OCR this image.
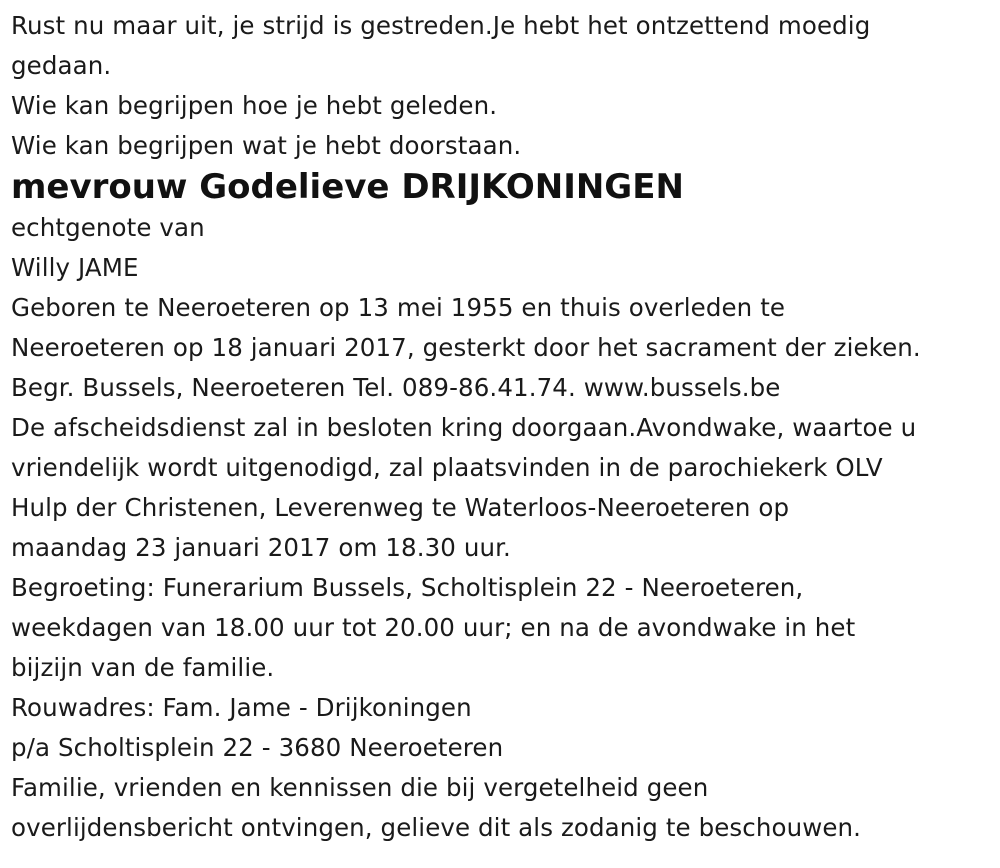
Rust nu maar uit, je strijd is gestreden.Je hebt het ontzettend moedig
gedaan.
Wie kan begrijpen hoe je hebt geleden.
Wie kan begrijpen wat je hebt doorstaan.
mevrouw Godelieve DRIJKONINGEN
echtgenote van
Willy JAME
Geboren te Neeroeteren op 13 mei 1955 en thuis overleden te
Neeroeteren op 18 januari 2017, gesterkt door het sacrament der zieken.
Begr. Bussels, Neeroeteren Tel. 089-86.41.74. www.bussels.be
De afscheidsdienst zal in besloten kring doorgaan.Avondwake, waartoe u
vriendelijk wordt uitgenodigd, zal plaatsvinden in de parochiekerk OLV
Hulp der Christenen, Leverenweg te Waterloos-Neeroeteren op
maandag 23 januari 2017 om 18.30 uur.
Begroeting: Funerarium Bussels, Scholtisplein 22 - Neeroeteren,
weekdagen van 18.00 uur tot 20.00 uur; en na de avondwake in het
bijzijn van de familie.
Rouwadres: Fam. Jame - Drijkoningen
p/a Scholtisplein 22 - 3680 Neeroeteren
Familie, vrienden en kennissen die bij vergetelheid geen
overlijdensbericht ontvingen, gelieve dit als zodanig te beschouwen.
